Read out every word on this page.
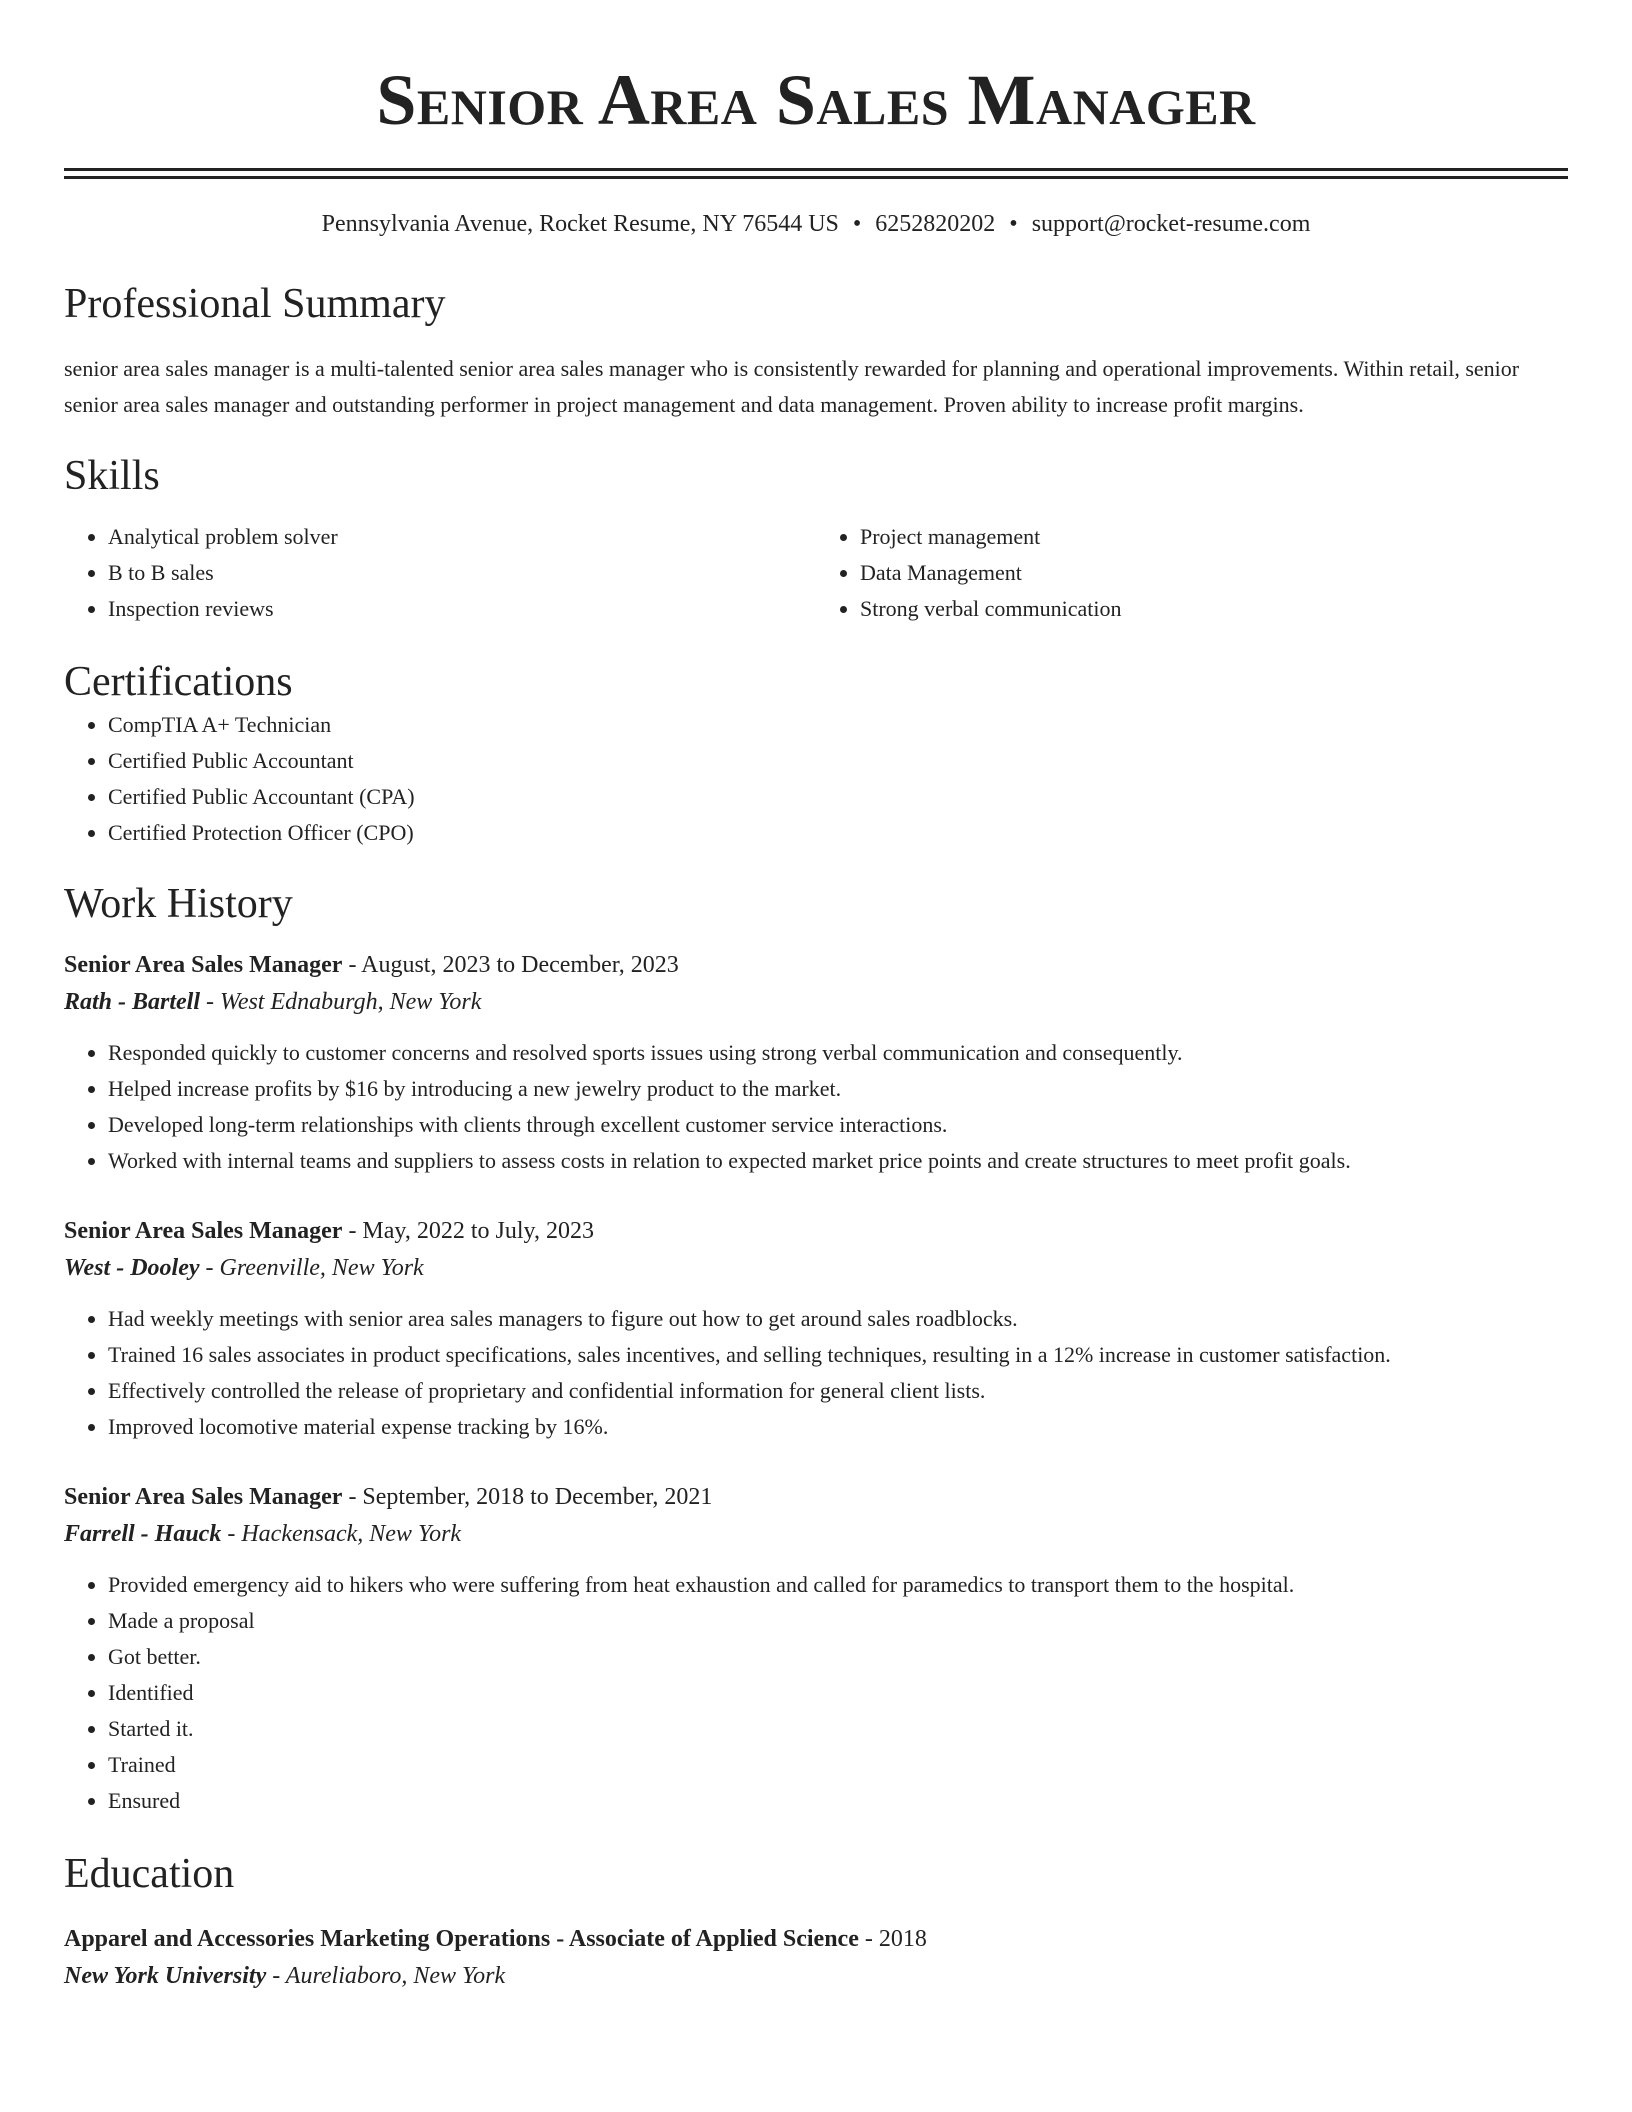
Senior Area Sales Manager
Pennsylvania Avenue, Rocket Resume, NY 76544 US • 6252820202 • support@rocket-resume.com
Professional Summary
senior area sales manager is a multi-talented senior area sales manager who is consistently rewarded for planning and operational improvements. Within retail, senior senior area sales manager and outstanding performer in project management and data management. Proven ability to increase profit margins.
Skills
• Analytical problem solver
• B to B sales
• Inspection reviews
• Project management
• Data Management
• Strong verbal communication
Certifications
• CompTIA A+ Technician
• Certified Public Accountant
• Certified Public Accountant (CPA)
• Certified Protection Officer (CPO)
Work History
Senior Area Sales Manager - August, 2023 to December, 2023
Rath - Bartell - West Ednaburgh, New York
• Responded quickly to customer concerns and resolved sports issues using strong verbal communication and consequently.
• Helped increase profits by $16 by introducing a new jewelry product to the market.
• Developed long-term relationships with clients through excellent customer service interactions.
• Worked with internal teams and suppliers to assess costs in relation to expected market price points and create structures to meet profit goals.
Senior Area Sales Manager - May, 2022 to July, 2023
West - Dooley - Greenville, New York
• Had weekly meetings with senior area sales managers to figure out how to get around sales roadblocks.
• Trained 16 sales associates in product specifications, sales incentives, and selling techniques, resulting in a 12% increase in customer satisfaction.
• Effectively controlled the release of proprietary and confidential information for general client lists.
• Improved locomotive material expense tracking by 16%.
Senior Area Sales Manager - September, 2018 to December, 2021
Farrell - Hauck - Hackensack, New York
• Provided emergency aid to hikers who were suffering from heat exhaustion and called for paramedics to transport them to the hospital.
• Made a proposal
• Got better.
• Identified
• Started it.
• Trained
• Ensured
Education
Apparel and Accessories Marketing Operations - Associate of Applied Science - 2018
New York University - Aureliaboro, New York
